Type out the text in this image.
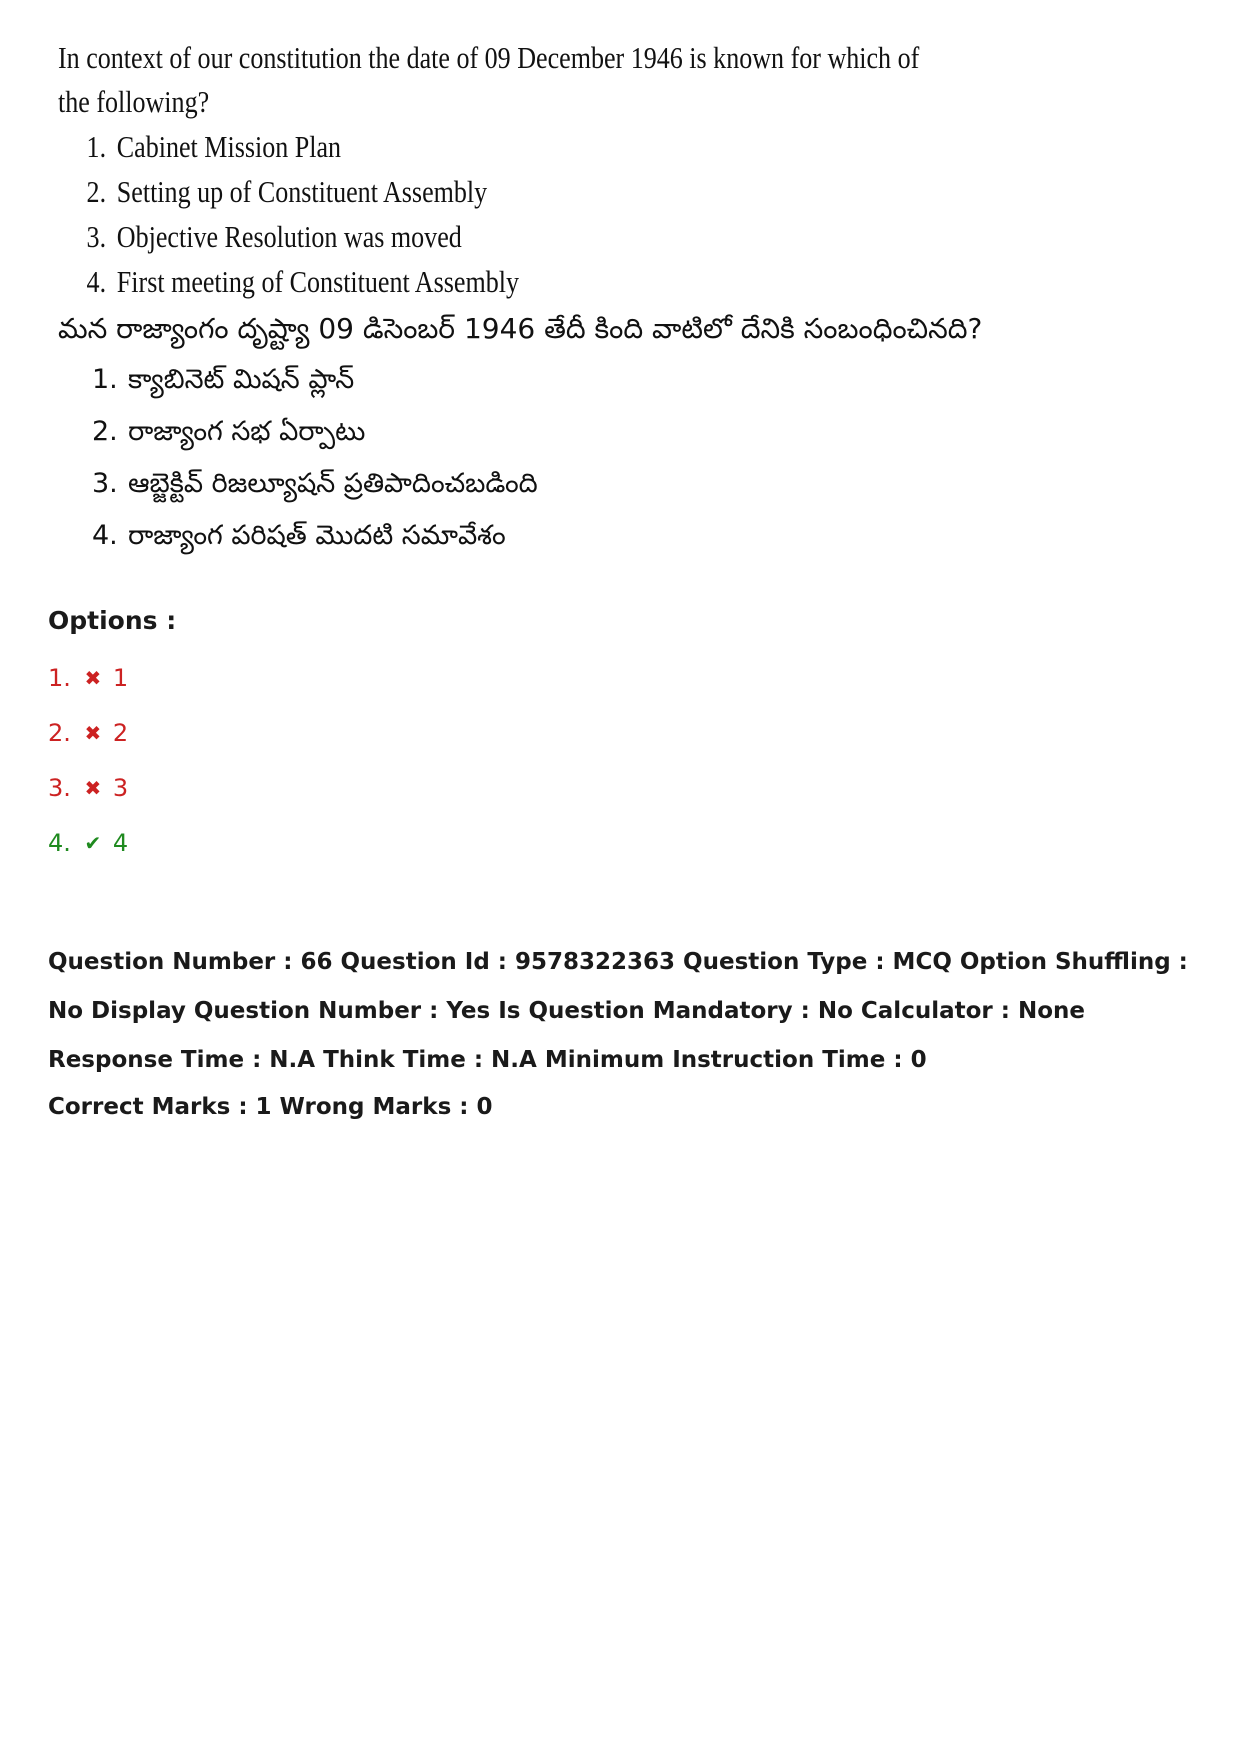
In context of our constitution the date of 09 December 1946 is known for which of the following?

1. Cabinet Mission Plan
2. Setting up of Constituent Assembly
3. Objective Resolution was moved
4. First meeting of Constituent Assembly

మన రాజ్యాంగం దృష్ట్యా 09 డిసెంబర్ 1946 తేదీ కింది వాటిలో దేనికి సంబంధించినది?

1. క్యాబినెట్ మిషన్ ప్లాన్
2. రాజ్యాంగ సభ ఏర్పాటు
3. ఆబ్జెక్టివ్ రిజల్యూషన్ ప్రతిపాదించబడింది
4. రాజ్యాంగ పరిషత్ మొదటి సమావేశం
Options :
1. ✖ 1
2. ✖ 2
3. ✖ 3
4. ✔ 4
Question Number : 66 Question Id : 9578322363 Question Type : MCQ Option Shuffling : No Display Question Number : Yes Is Question Mandatory : No Calculator : None Response Time : N.A Think Time : N.A Minimum Instruction Time : 0
Correct Marks : 1 Wrong Marks : 0
